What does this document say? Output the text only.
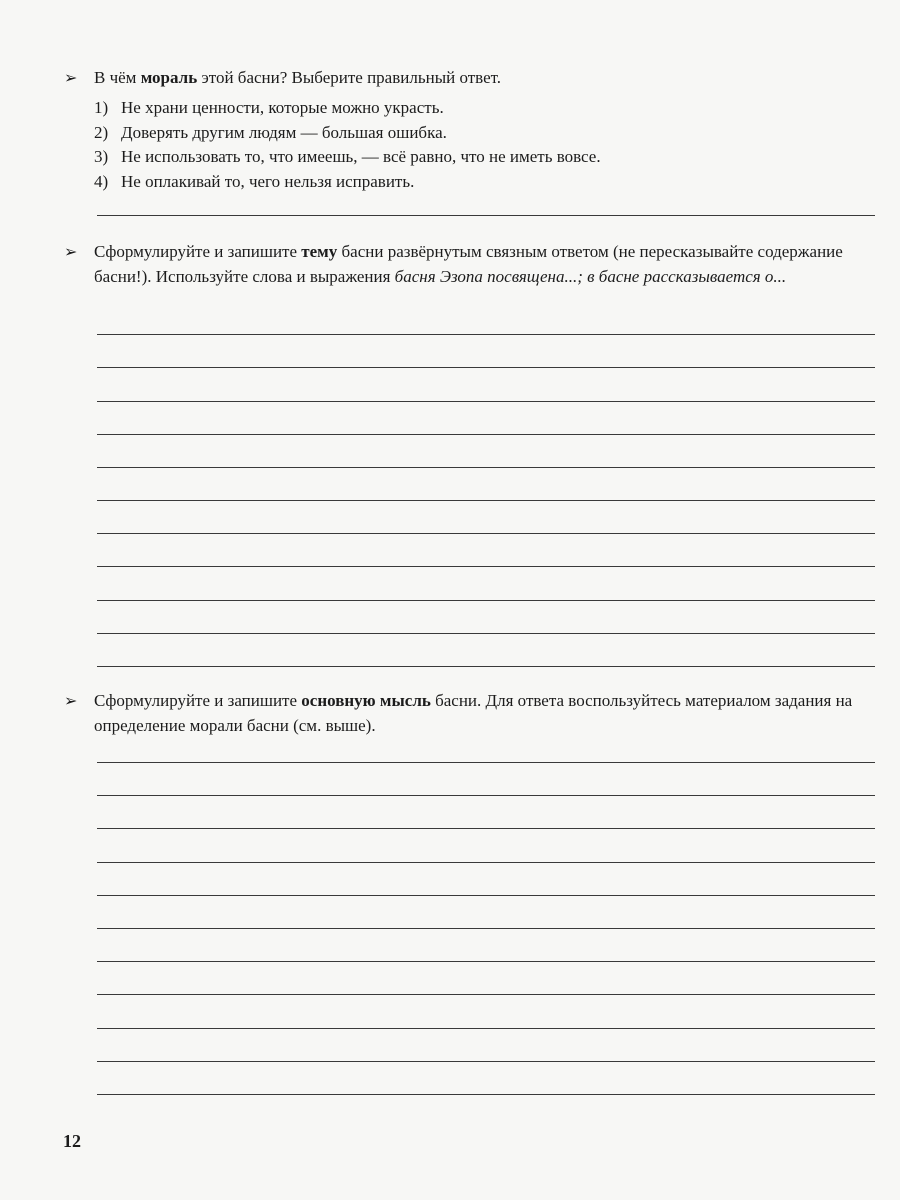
➢ В чём мораль этой басни? Выберите правильный ответ.
1) Не храни ценности, которые можно украсть.
2) Доверять другим людям — большая ошибка.
3) Не использовать то, что имеешь, — всё равно, что не иметь вовсе.
4) Не оплакивай то, чего нельзя исправить.
➢ Сформулируйте и запишите тему басни развёрнутым связным ответом (не пересказывайте содержание басни!). Используйте слова и выражения басня Эзопа посвящена...; в басне рассказывается о...
➢ Сформулируйте и запишите основную мысль басни. Для ответа воспользуйтесь материалом задания на определение морали басни (см. выше).
12
